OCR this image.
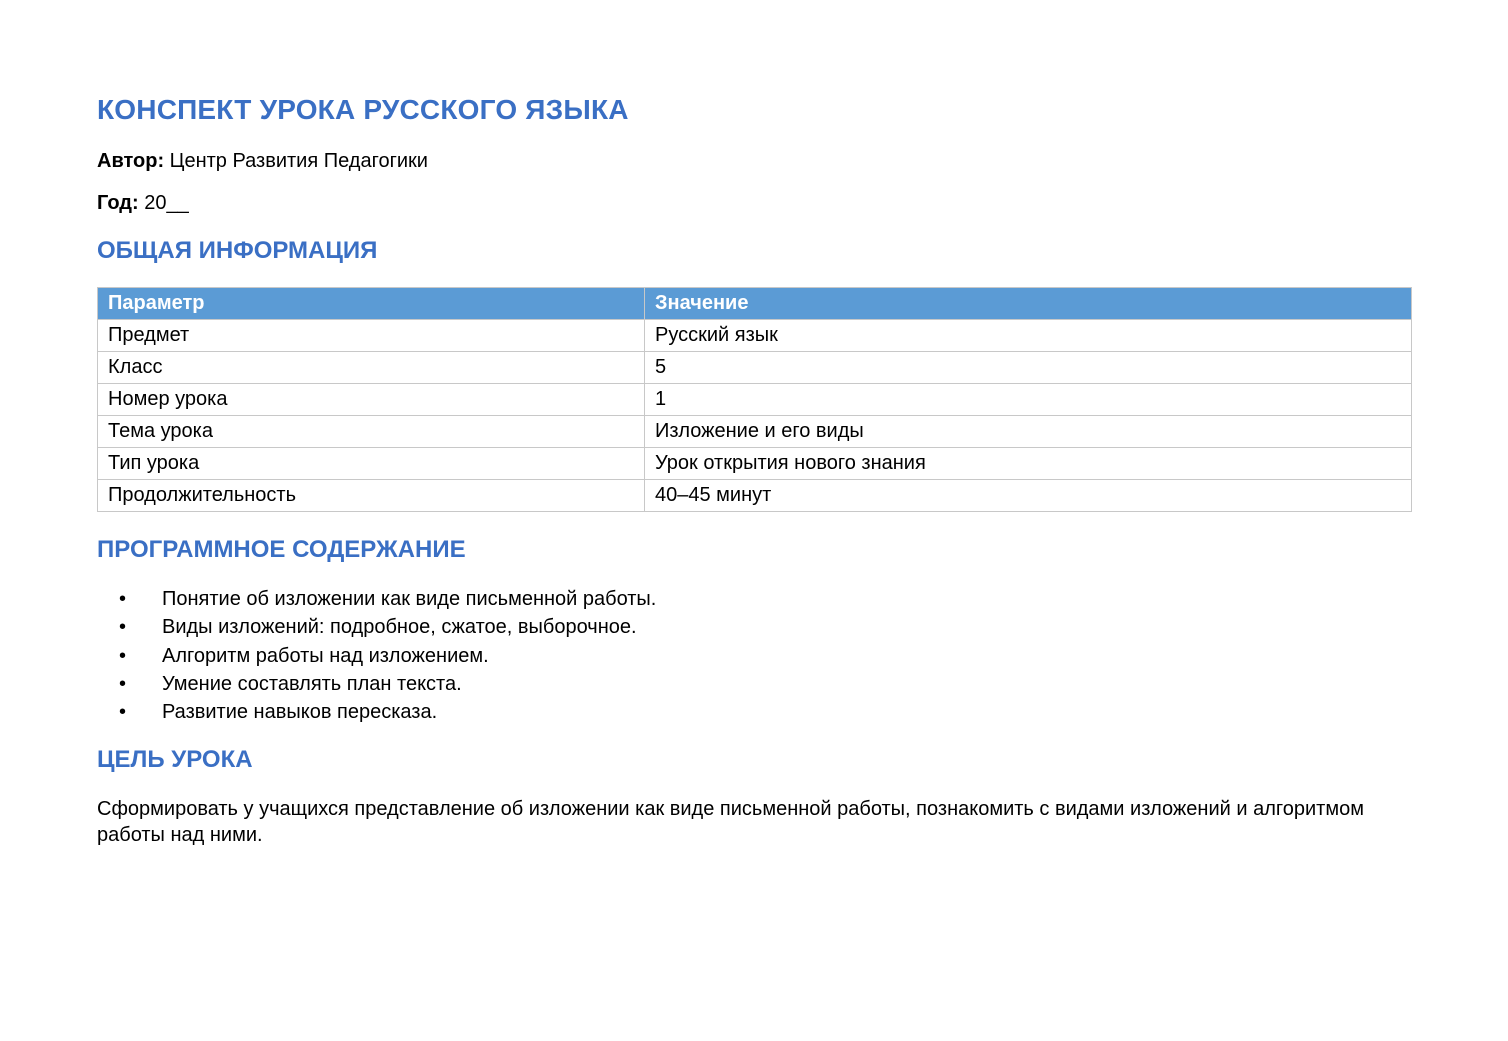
КОНСПЕКТ УРОКА РУССКОГО ЯЗЫКА
Автор: Центр Развития Педагогики
Год: 20__
ОБЩАЯ ИНФОРМАЦИЯ
Параметр	Значение
Предмет	Русский язык
Класс	5
Номер урока	1
Тема урока	Изложение и его виды
Тип урока	Урок открытия нового знания
Продолжительность	40–45 минут
ПРОГРАММНОЕ СОДЕРЖАНИЕ
• Понятие об изложении как виде письменной работы.
• Виды изложений: подробное, сжатое, выборочное.
• Алгоритм работы над изложением.
• Умение составлять план текста.
• Развитие навыков пересказа.
ЦЕЛЬ УРОКА

Сформировать у учащихся представление об изложении как виде письменной работы, познакомить с видами изложений и алгоритмом работы над ними.
